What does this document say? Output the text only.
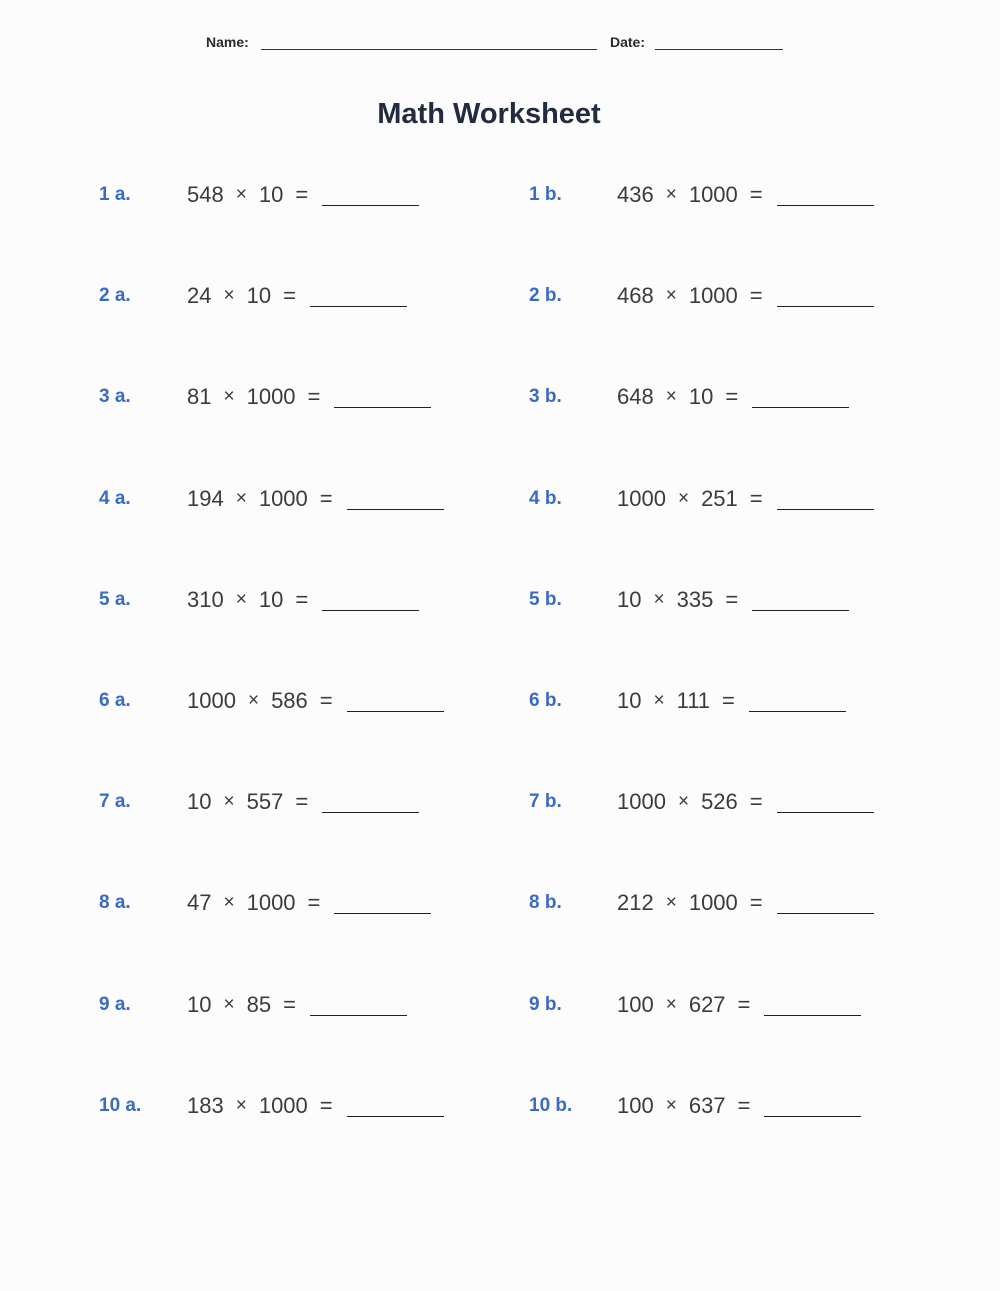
Name:	Date:
Math Worksheet
1 a.	548 × 10 =	1 b.	436 × 1000 =
2 a.	24 × 10 =	2 b.	468 × 1000 =
3 a.	81 × 1000 =	3 b.	648 × 10 =
4 a.	194 × 1000 =	4 b.	1000 × 251 =
5 a.	310 × 10 =	5 b.	10 × 335 =
6 a.	1000 × 586 =	6 b.	10 × 111 =
7 a.	10 × 557 =	7 b.	1000 × 526 =
8 a.	47 × 1000 =	8 b.	212 × 1000 =
9 a.	10 × 85 =	9 b.	100 × 627 =
10 a.	183 × 1000 =	10 b.	100 × 637 =
